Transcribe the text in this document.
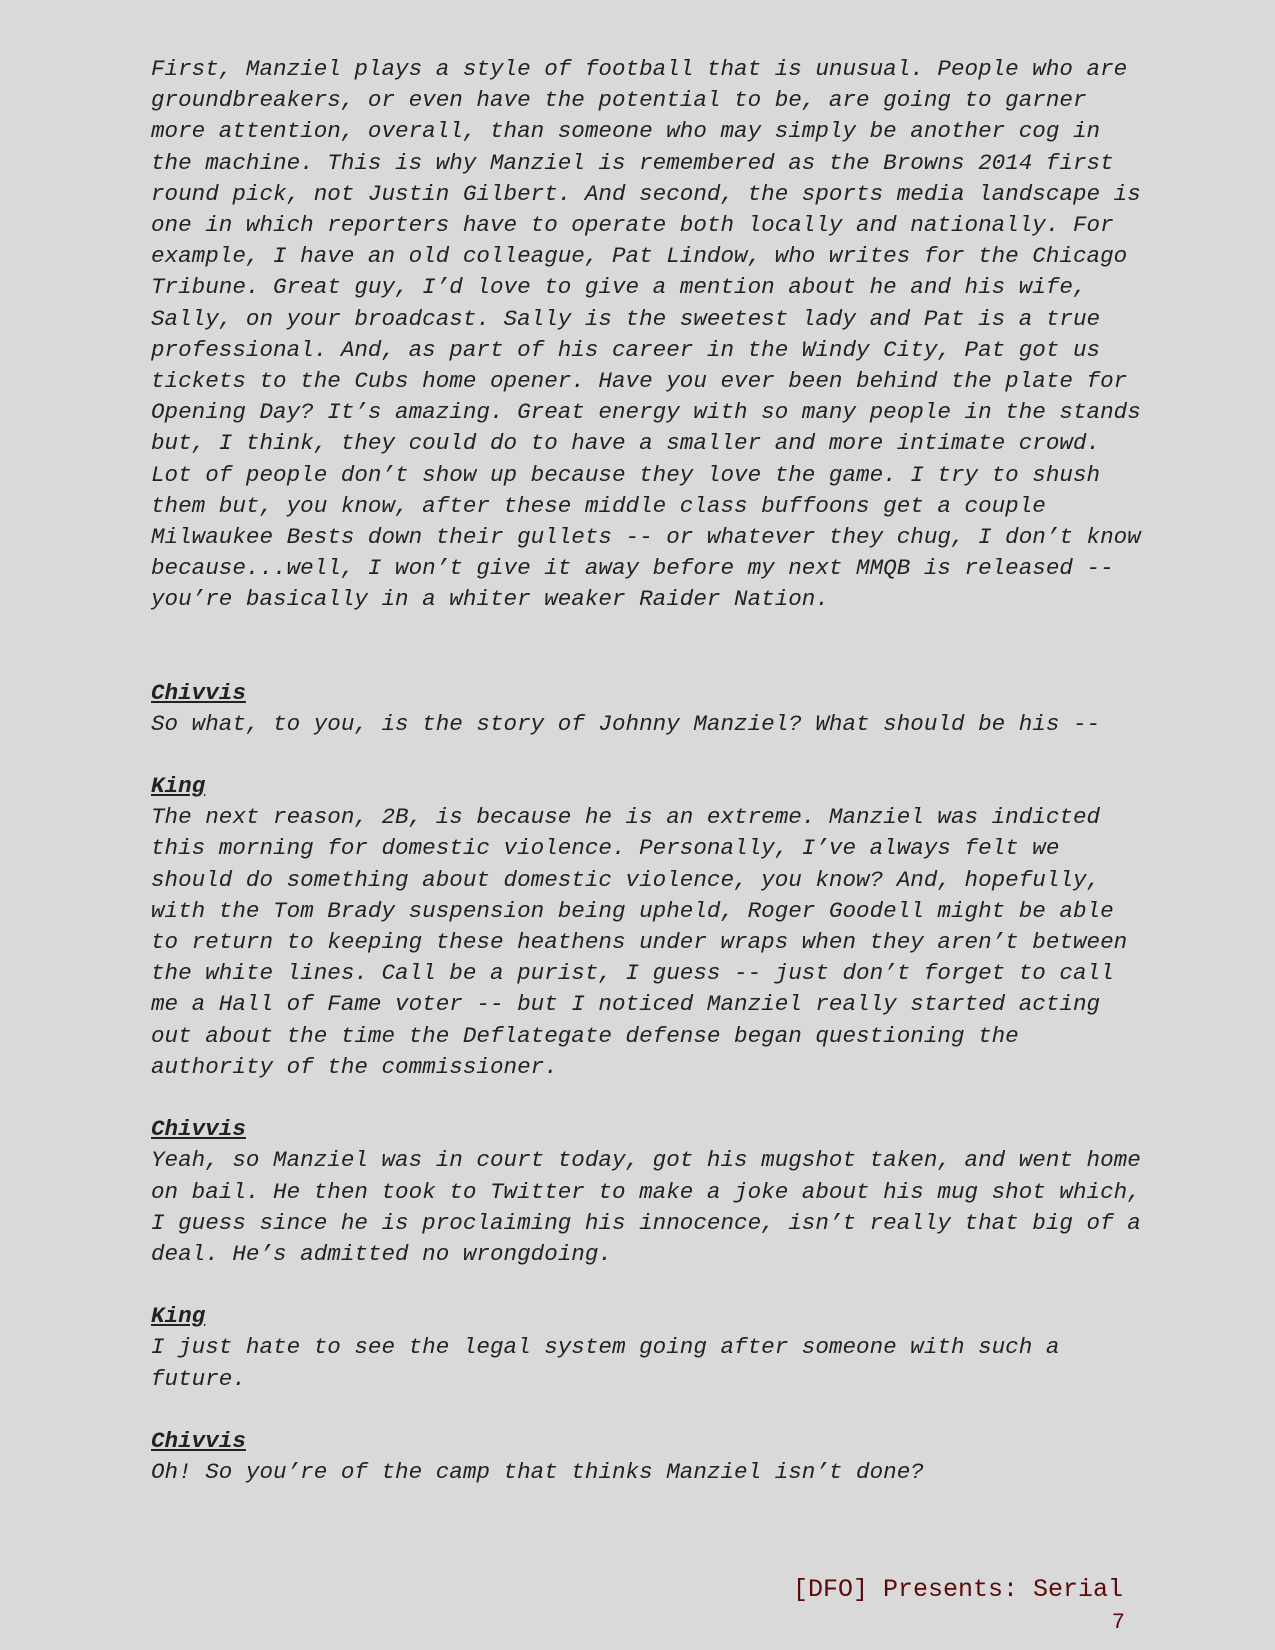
First, Manziel plays a style of football that is unusual. People who are groundbreakers, or even have the potential to be, are going to garner more attention, overall, than someone who may simply be another cog in the machine. This is why Manziel is remembered as the Browns 2014 first round pick, not Justin Gilbert. And second, the sports media landscape is one in which reporters have to operate both locally and nationally. For example, I have an old colleague, Pat Lindow, who writes for the Chicago Tribune. Great guy, I’d love to give a mention about he and his wife, Sally, on your broadcast. Sally is the sweetest lady and Pat is a true professional. And, as part of his career in the Windy City, Pat got us tickets to the Cubs home opener. Have you ever been behind the plate for Opening Day? It’s amazing. Great energy with so many people in the stands but, I think, they could do to have a smaller and more intimate crowd. Lot of people don’t show up because they love the game. I try to shush them but, you know, after these middle class buffoons get a couple Milwaukee Bests down their gullets -- or whatever they chug, I don’t know because...well, I won’t give it away before my next MMQB is released -- you’re basically in a whiter weaker Raider Nation.

Chivvis

So what, to you, is the story of Johnny Manziel? What should be his --

King

The next reason, 2B, is because he is an extreme. Manziel was indicted this morning for domestic violence. Personally, I’ve always felt we should do something about domestic violence, you know? And, hopefully, with the Tom Brady suspension being upheld, Roger Goodell might be able to return to keeping these heathens under wraps when they aren’t between the white lines. Call be a purist, I guess -- just don’t forget to call me a Hall of Fame voter -- but I noticed Manziel really started acting out about the time the Deflategate defense began questioning the authority of the commissioner.

Chivvis

Yeah, so Manziel was in court today, got his mugshot taken, and went home on bail. He then took to Twitter to make a joke about his mug shot which, I guess since he is proclaiming his innocence, isn’t really that big of a deal. He’s admitted no wrongdoing.

King

I just hate to see the legal system going after someone with such a future.

Chivvis

Oh! So you’re of the camp that thinks Manziel isn’t done?

[DFO] Presents: Serial
7
